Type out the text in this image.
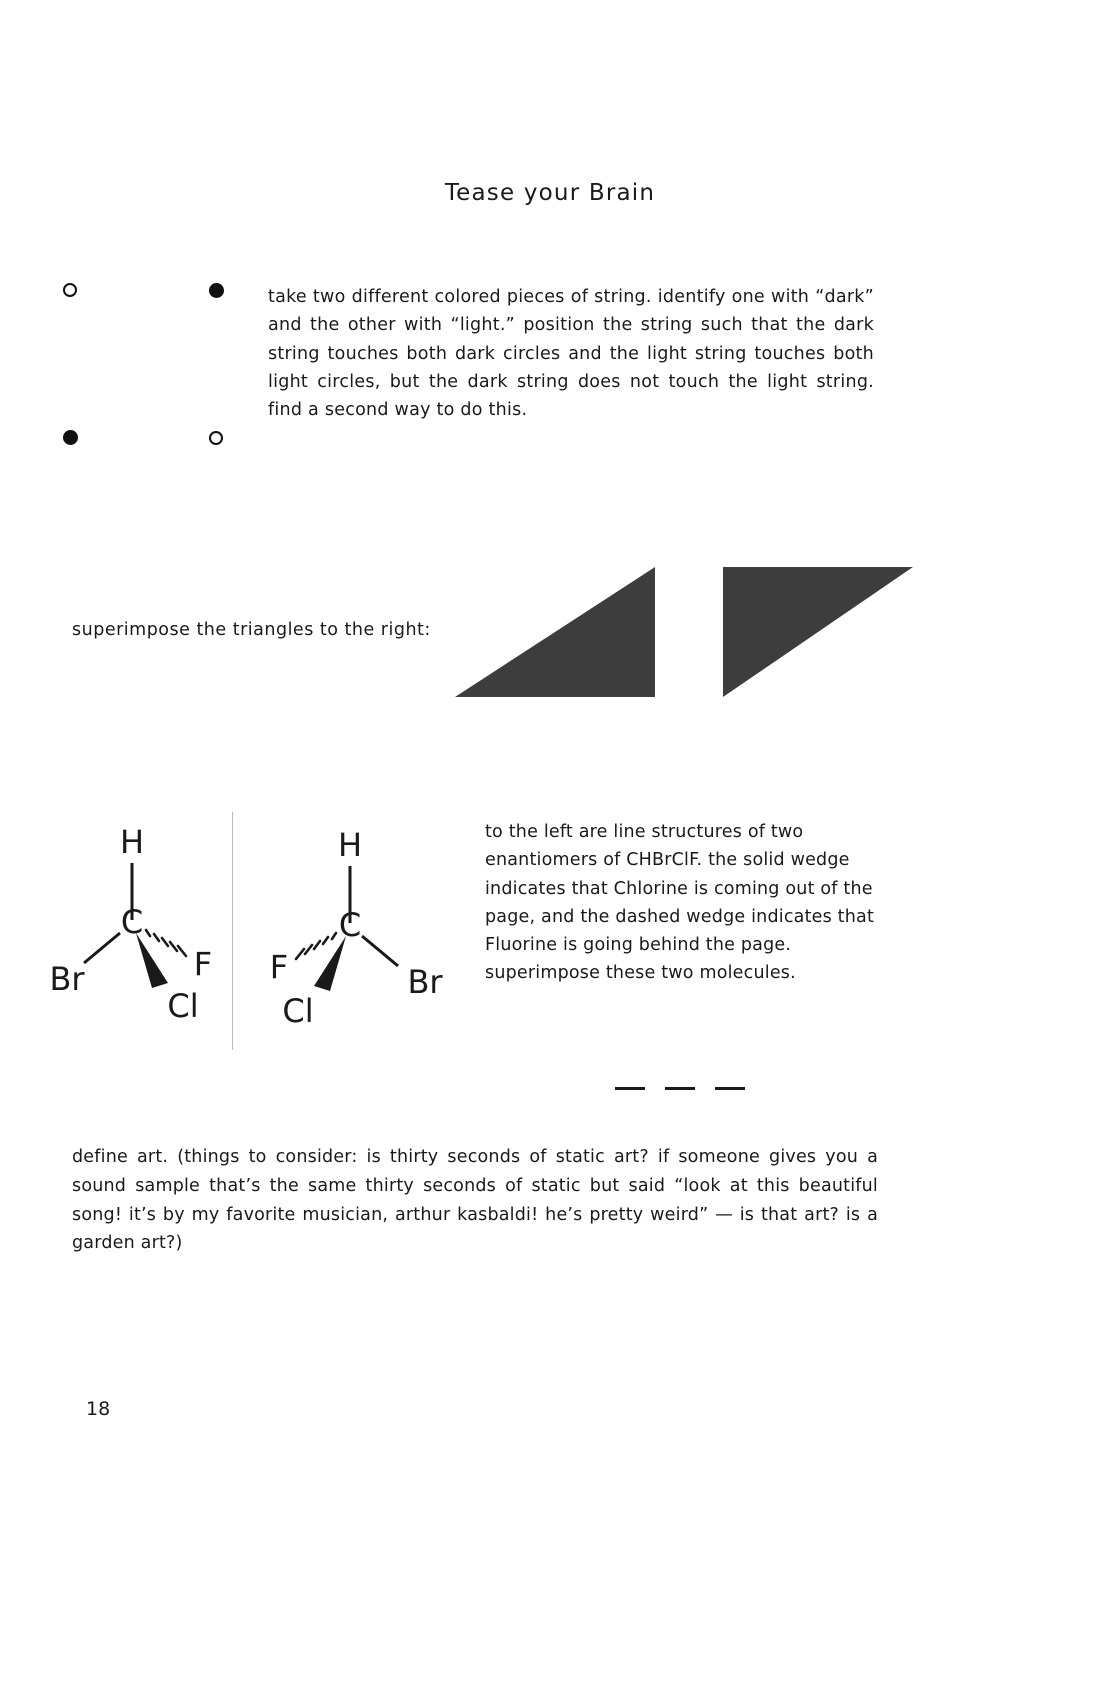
Tease your Brain
take two different colored pieces of string. identify one with “dark” and the other with “light.” position the string such that the dark string touches both dark circles and the light string touches both light circles, but the dark string does not touch the light string. find a second way to do this.
superimpose the triangles to the right:
H
C
Br	F
Cl
H
C
F	Br
Cl
to the left are line structures of two enantiomers of CHBrClF. the solid wedge indicates that Chlorine is coming out of the page, and the dashed wedge indicates that Fluorine is going behind the page. superimpose these two molecules.
define art. (things to consider: is thirty seconds of static art? if someone gives you a sound sample that’s the same thirty seconds of static but said “look at this beautiful song! it’s by my favorite musician, arthur kasbaldi! he’s pretty weird” — is that art? is a garden art?)
18
